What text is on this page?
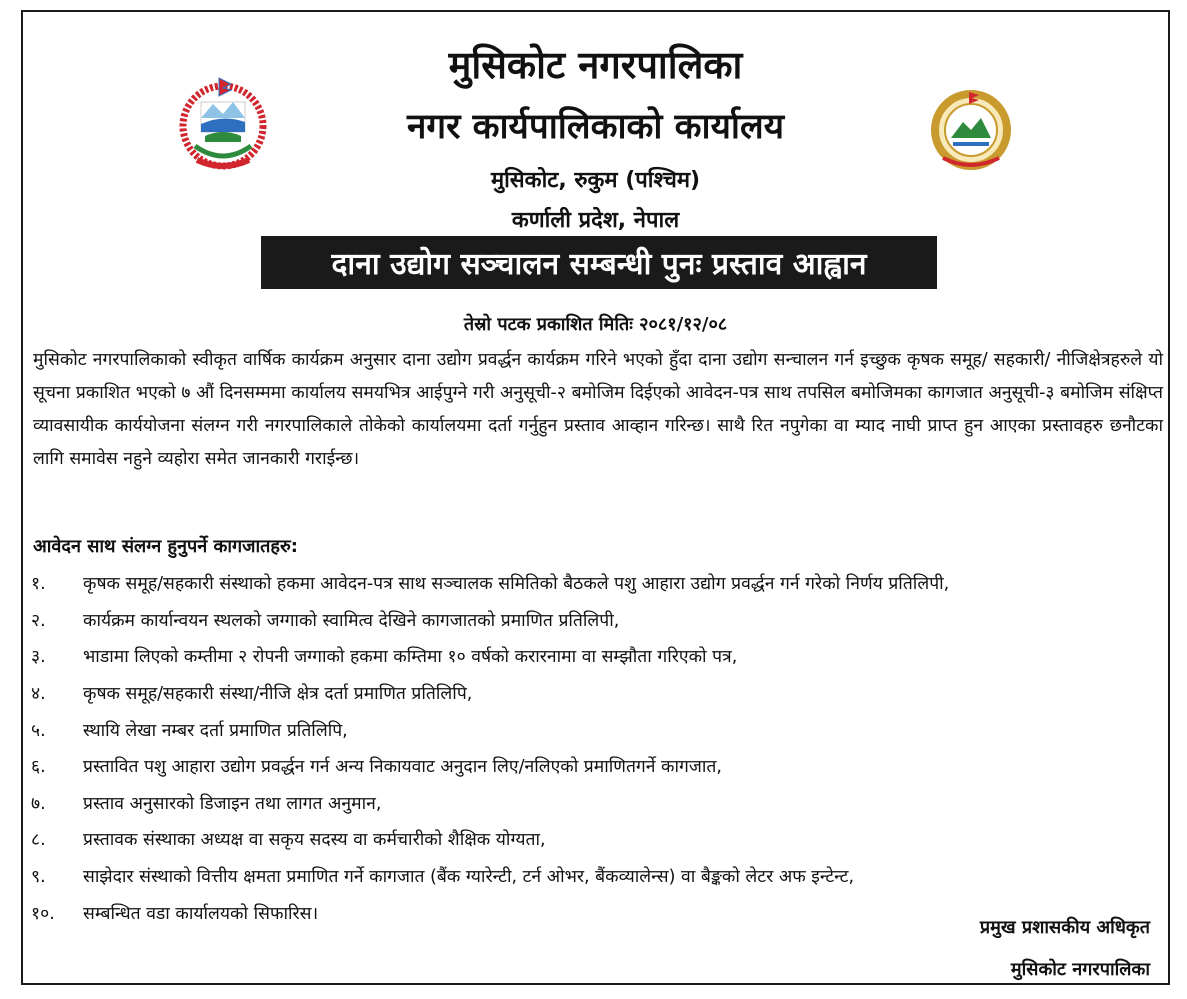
मुसिकोट नगरपालिका
नगर कार्यपालिकाको कार्यालय
मुसिकोट, रुकुम (पश्चिम)
कर्णाली प्रदेश, नेपाल
दाना उद्योग सञ्चालन सम्बन्धी पुनः प्रस्ताव आह्वान
तेस्रो पटक प्रकाशित मितिः २०८१/१२/०८

मुसिकोट नगरपालिकाको स्वीकृत वार्षिक कार्यक्रम अनुसार दाना उद्योग प्रवर्द्धन कार्यक्रम गरिने भएको हुँदा दाना उद्योग सन्चालन गर्न इच्छुक कृषक समूह/ सहकारी/ नीजिक्षेत्रहरुले यो सूचना प्रकाशित भएको ७ औं दिनसम्ममा कार्यालय समयभित्र आईपुग्ने गरी अनुसूची-२ बमोजिम दिईएको आवेदन-पत्र साथ तपसिल बमोजिमका कागजात अनुसूची-३ बमोजिम संक्षिप्त व्यावसायीक कार्ययोजना संलग्न गरी नगरपालिकाले तोकेको कार्यालयमा दर्ता गर्नुहुन प्रस्ताव आव्हान गरिन्छ। साथै रित नपुगेका वा म्याद नाघी प्राप्त हुन आएका प्रस्तावहरु छनौटका लागि समावेस नहुने व्यहोरा समेत जानकारी गराईन्छ।

आवेदन साथ संलग्न हुनुपर्ने कागजातहरु:
१.	कृषक समूह/सहकारी संस्थाको हकमा आवेदन-पत्र साथ सञ्चालक समितिको बैठकले पशु आहारा उद्योग प्रवर्द्धन गर्न गरेको निर्णय प्रतिलिपी,
२.	कार्यक्रम कार्यान्वयन स्थलको जग्गाको स्वामित्व देखिने कागजातको प्रमाणित प्रतिलिपी,
३.	भाडामा लिएको कम्तीमा २ रोपनी जग्गाको हकमा कम्तिमा १० वर्षको करारनामा वा सम्झौता गरिएको पत्र,
४.	कृषक समूह/सहकारी संस्था/नीजि क्षेत्र दर्ता प्रमाणित प्रतिलिपि,
५.	स्थायि लेखा नम्बर दर्ता प्रमाणित प्रतिलिपि,
६.	प्रस्तावित पशु आहारा उद्योग प्रवर्द्धन गर्न अन्य निकायवाट अनुदान लिए/नलिएको प्रमाणितगर्ने कागजात,
७.	प्रस्ताव अनुसारको डिजाइन तथा लागत अनुमान,
८.	प्रस्तावक संस्थाका अध्यक्ष वा सकृय सदस्य वा कर्मचारीको शैक्षिक योग्यता,
९.	साझेदार संस्थाको वित्तीय क्षमता प्रमाणित गर्ने कागजात (बैंक ग्यारेन्टी, टर्न ओभर, बैंकव्यालेन्स) वा बैङ्कको लेटर अफ इन्टेन्ट,
१०.	सम्बन्धित वडा कार्यालयको सिफारिस।
प्रमुख प्रशासकीय अधिकृत
मुसिकोट नगरपालिका
